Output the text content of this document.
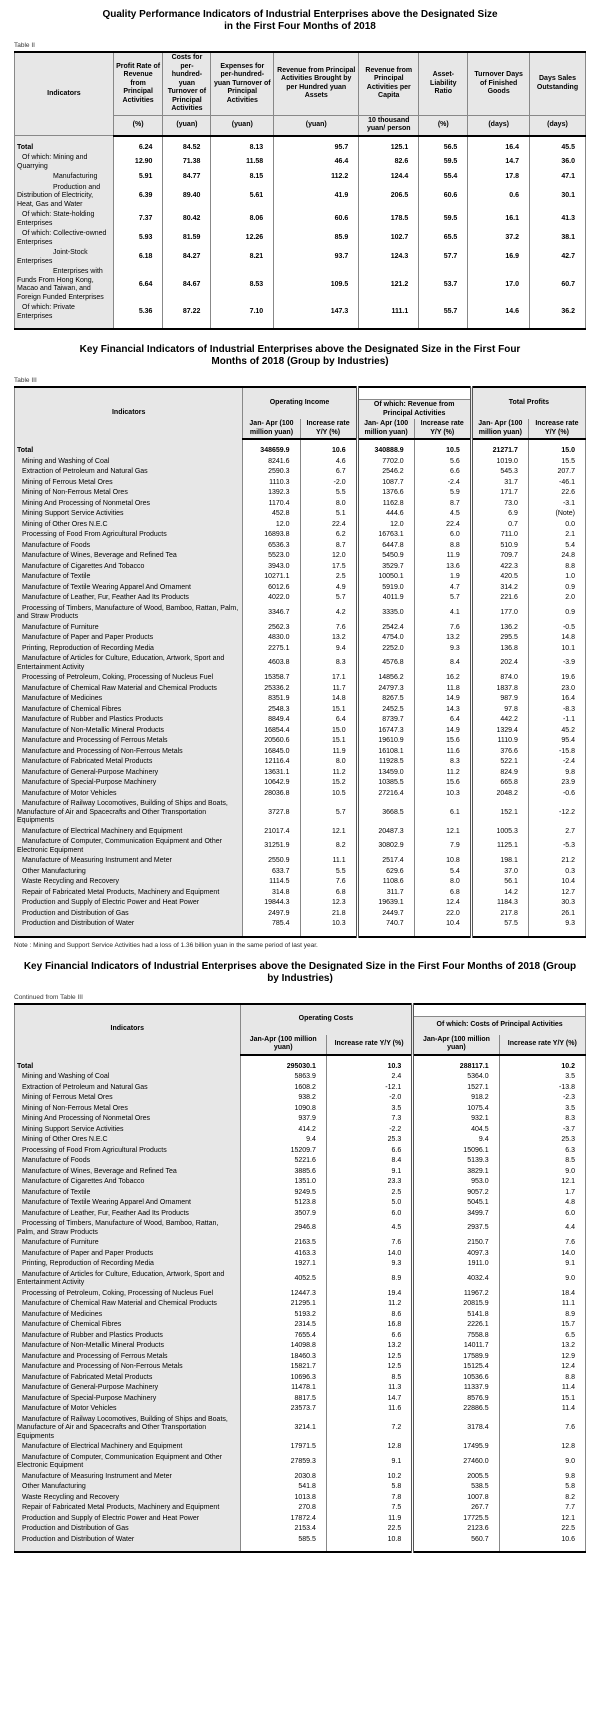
Quality Performance Indicators of Industrial Enterprises above the Designated Size in the First Four Months of 2018
Table II
Indicators	Profit Rate of Revenue from Principal Activities	Costs for per-hundred-yuan Turnover of Principal Activities	Expenses for per-hundred-yuan Turnover of Principal Activities	Revenue from Principal Activities Brought by per Hundred yuan Assets	Revenue from Principal Activities per Capita	Asset-Liability Ratio	Turnover Days of Finished Goods	Days Sales Outstanding
	(%)	(yuan)	(yuan)	(yuan)	10 thousand yuan/ person	(%)	(days)	(days)

Total	6.24	84.52	8.13	95.7	125.1	56.5	16.4	45.5
Of which: Mining and Quarrying	12.90	71.38	11.58	46.4	82.6	59.5	14.7	36.0
Manufacturing	5.91	84.77	8.15	112.2	124.4	55.4	17.8	47.1
Production and Distribution of Electricity, Heat, Gas and Water	6.39	89.40	5.61	41.9	206.5	60.6	0.6	30.1
Of which: State-holding Enterprises	7.37	80.42	8.06	60.6	178.5	59.5	16.1	41.3
Of which: Collective-owned Enterprises	5.93	81.59	12.26	85.9	102.7	65.5	37.2	38.1
Joint-Stock Enterprises	6.18	84.27	8.21	93.7	124.3	57.7	16.9	42.7
Enterprises with Funds From Hong Kong, Macao and Taiwan, and Foreign Funded Enterprises	6.64	84.67	8.53	109.5	121.2	53.7	17.0	60.7
Of which: Private Enterprises	5.36	87.22	7.10	147.3	111.1	55.7	14.6	36.2

Key Financial Indicators of Industrial Enterprises above the Designated Size in the First Four Months of 2018 (Group by Industries)
Table III
Indicators	Operating Income				Total Profits	
			Of which: Revenue from Principal Activities			
	Jan- Apr (100 million yuan)	Increase rate Y/Y (%)	Jan- Apr (100 million yuan)	Increase rate Y/Y (%)	Jan- Apr (100 million yuan)	Increase rate Y/Y (%)

Total	348659.9	10.6	340888.9	10.5	21271.7	15.0
Mining and Washing of Coal	8241.6	4.6	7702.0	5.6	1019.0	15.5
Extraction of Petroleum and Natural Gas	2590.3	6.7	2546.2	6.6	545.3	207.7
Mining of Ferrous Metal Ores	1110.3	-2.0	1087.7	-2.4	31.7	-46.1
Mining of Non-Ferrous Metal Ores	1392.3	5.5	1376.6	5.9	171.7	22.6
Mining And Processing of Nonmetal Ores	1170.4	8.0	1162.8	8.7	73.0	-3.1
Mining Support Service Activities	452.8	5.1	444.6	4.5	6.9	(Note)
Mining of Other Ores N.E.C	12.0	22.4	12.0	22.4	0.7	0.0
Processing of Food From Agricultural Products	16893.8	6.2	16763.1	6.0	711.0	2.1
Manufacture of Foods	6536.3	8.7	6447.8	8.8	510.9	5.4
Manufacture of Wines, Beverage and Refined Tea	5523.0	12.0	5450.9	11.9	709.7	24.8
Manufacture of Cigarettes And Tobacco	3943.0	17.5	3529.7	13.6	422.3	8.8
Manufacture of Textile	10271.1	2.5	10050.1	1.9	420.5	1.0
Manufacture of Textile Wearing Apparel And Ornament	6012.6	4.9	5919.0	4.7	314.2	0.9
Manufacture of Leather, Fur, Feather Aad Its Products	4022.0	5.7	4011.9	5.7	221.6	2.0
Processing of Timbers, Manufacture of Wood, Bamboo, Rattan, Palm, and Straw Products	3346.7	4.2	3335.0	4.1	177.0	0.9
Manufacture of Furniture	2562.3	7.6	2542.4	7.6	136.2	-0.5
Manufacture of Paper and Paper Products	4830.0	13.2	4754.0	13.2	295.5	14.8
Printing, Reproduction of Recording Media	2275.1	9.4	2252.0	9.3	136.8	10.1
Manufacture of Articles for Culture, Education, Artwork, Sport and Entertainment Activity	4603.8	8.3	4576.8	8.4	202.4	-3.9
Processing of Petroleum, Coking, Processing of Nucleus Fuel	15358.7	17.1	14856.2	16.2	874.0	19.6
Manufacture of Chemical Raw Material and Chemical Products	25336.2	11.7	24797.3	11.8	1837.8	23.0
Manufacture of Medicines	8351.9	14.8	8267.5	14.9	987.9	16.4
Manufacture of Chemical Fibres	2548.3	15.1	2452.5	14.3	97.8	-8.3
Manufacture of Rubber and Plastics Products	8849.4	6.4	8739.7	6.4	442.2	-1.1
Manufacture of Non-Metallic Mineral Products	16854.4	15.0	16747.3	14.9	1329.4	45.2
Manufacture and Processing of Ferrous Metals	20560.6	15.1	19610.9	15.6	1110.9	95.4
Manufacture and Processing of Non-Ferrous Metals	16845.0	11.9	16108.1	11.6	376.6	-15.8
Manufacture of Fabricated Metal Products	12116.4	8.0	11928.5	8.3	522.1	-2.4
Manufacture of General-Purpose Machinery	13631.1	11.2	13459.0	11.2	824.9	9.8
Manufacture of Special-Purpose Machinery	10642.9	15.2	10385.5	15.6	665.8	23.9
Manufacture of Motor Vehicles	28036.8	10.5	27216.4	10.3	2048.2	-0.6
Manufacture of Railway Locomotives, Building of Ships and Boats, Manufacture of Air and Spacecrafts and Other Transportation Equipments	3727.8	5.7	3668.5	6.1	152.1	-12.2
Manufacture of Electrical Machinery and Equipment	21017.4	12.1	20487.3	12.1	1005.3	2.7
Manufacture of Computer, Communication Equipment and Other Electronic Equipment	31251.9	8.2	30802.9	7.9	1125.1	-5.3
Manufacture of Measuring Instrument and Meter	2550.9	11.1	2517.4	10.8	198.1	21.2
Other Manufacturing	633.7	5.5	629.6	5.4	37.0	0.3
Waste Recycling and Recovery	1114.5	7.6	1108.6	8.0	56.1	10.4
Repair of Fabricated Metal Products, Machinery and Equipment	314.8	6.8	311.7	6.8	14.2	12.7
Production and Supply of Electric Power and Heat Power	19844.3	12.3	19639.1	12.4	1184.3	30.3
Production and Distribution of Gas	2497.9	21.8	2449.7	22.0	217.8	26.1
Production and Distribution of Water	785.4	10.3	740.7	10.4	57.5	9.3

Note : Mining and Support Service Activities had a loss of 1.36 billion yuan in the same period of last year.
Key Financial Indicators of Industrial Enterprises above the Designated Size in the First Four Months of 2018 (Group by Industries)
Continued from Table III
Indicators	Operating Costs			
			Of which: Costs of Principal Activities	
	Jan-Apr (100 million yuan)	Increase rate Y/Y (%)	Jan-Apr (100 million yuan)	Increase rate Y/Y (%)

Total	295030.1	10.3	288117.1	10.2
Mining and Washing of Coal	5863.9	2.4	5364.0	3.5
Extraction of Petroleum and Natural Gas	1608.2	-12.1	1527.1	-13.8
Mining of Ferrous Metal Ores	938.2	-2.0	918.2	-2.3
Mining of Non-Ferrous Metal Ores	1090.8	3.5	1075.4	3.5
Mining And Processing of Nonmetal Ores	937.9	7.3	932.1	8.3
Mining Support Service Activities	414.2	-2.2	404.5	-3.7
Mining of Other Ores N.E.C	9.4	25.3	9.4	25.3
Processing of Food From Agricultural Products	15209.7	6.6	15096.1	6.3
Manufacture of Foods	5221.6	8.4	5139.3	8.5
Manufacture of Wines, Beverage and Refined Tea	3885.6	9.1	3829.1	9.0
Manufacture of Cigarettes And Tobacco	1351.0	23.3	953.0	12.1
Manufacture of Textile	9249.5	2.5	9057.2	1.7
Manufacture of Textile Wearing Apparel And Ornament	5123.8	5.0	5045.1	4.8
Manufacture of Leather, Fur, Feather Aad Its Products	3507.9	6.0	3499.7	6.0
Processing of Timbers, Manufacture of Wood, Bamboo, Rattan, Palm, and Straw Products	2946.8	4.5	2937.5	4.4
Manufacture of Furniture	2163.5	7.6	2150.7	7.6
Manufacture of Paper and Paper Products	4163.3	14.0	4097.3	14.0
Printing, Reproduction of Recording Media	1927.1	9.3	1911.0	9.1
Manufacture of Articles for Culture, Education, Artwork, Sport and Entertainment Activity	4052.5	8.9	4032.4	9.0
Processing of Petroleum, Coking, Processing of Nucleus Fuel	12447.3	19.4	11967.2	18.4
Manufacture of Chemical Raw Material and Chemical Products	21295.1	11.2	20815.9	11.1
Manufacture of Medicines	5193.2	8.6	5141.8	8.9
Manufacture of Chemical Fibres	2314.5	16.8	2226.1	15.7
Manufacture of Rubber and Plastics Products	7655.4	6.6	7558.8	6.5
Manufacture of Non-Metallic Mineral Products	14098.8	13.2	14011.7	13.2
Manufacture and Processing of Ferrous Metals	18460.3	12.5	17589.9	12.9
Manufacture and Processing of Non-Ferrous Metals	15821.7	12.5	15125.4	12.4
Manufacture of Fabricated Metal Products	10696.3	8.5	10536.6	8.8
Manufacture of General-Purpose Machinery	11478.1	11.3	11337.9	11.4
Manufacture of Special-Purpose Machinery	8817.5	14.7	8576.9	15.1
Manufacture of Motor Vehicles	23573.7	11.6	22886.5	11.4
Manufacture of Railway Locomotives, Building of Ships and Boats, Manufacture of Air and Spacecrafts and Other Transportation Equipments	3214.1	7.2	3178.4	7.6
Manufacture of Electrical Machinery and Equipment	17971.5	12.8	17495.9	12.8
Manufacture of Computer, Communication Equipment and Other Electronic Equipment	27859.3	9.1	27460.0	9.0
Manufacture of Measuring Instrument and Meter	2030.8	10.2	2005.5	9.8
Other Manufacturing	541.8	5.8	538.5	5.8
Waste Recycling and Recovery	1013.8	7.8	1007.8	8.2
Repair of Fabricated Metal Products, Machinery and Equipment	270.8	7.5	267.7	7.7
Production and Supply of Electric Power and Heat Power	17872.4	11.9	17725.5	12.1
Production and Distribution of Gas	2153.4	22.5	2123.6	22.5
Production and Distribution of Water	585.5	10.8	560.7	10.6
